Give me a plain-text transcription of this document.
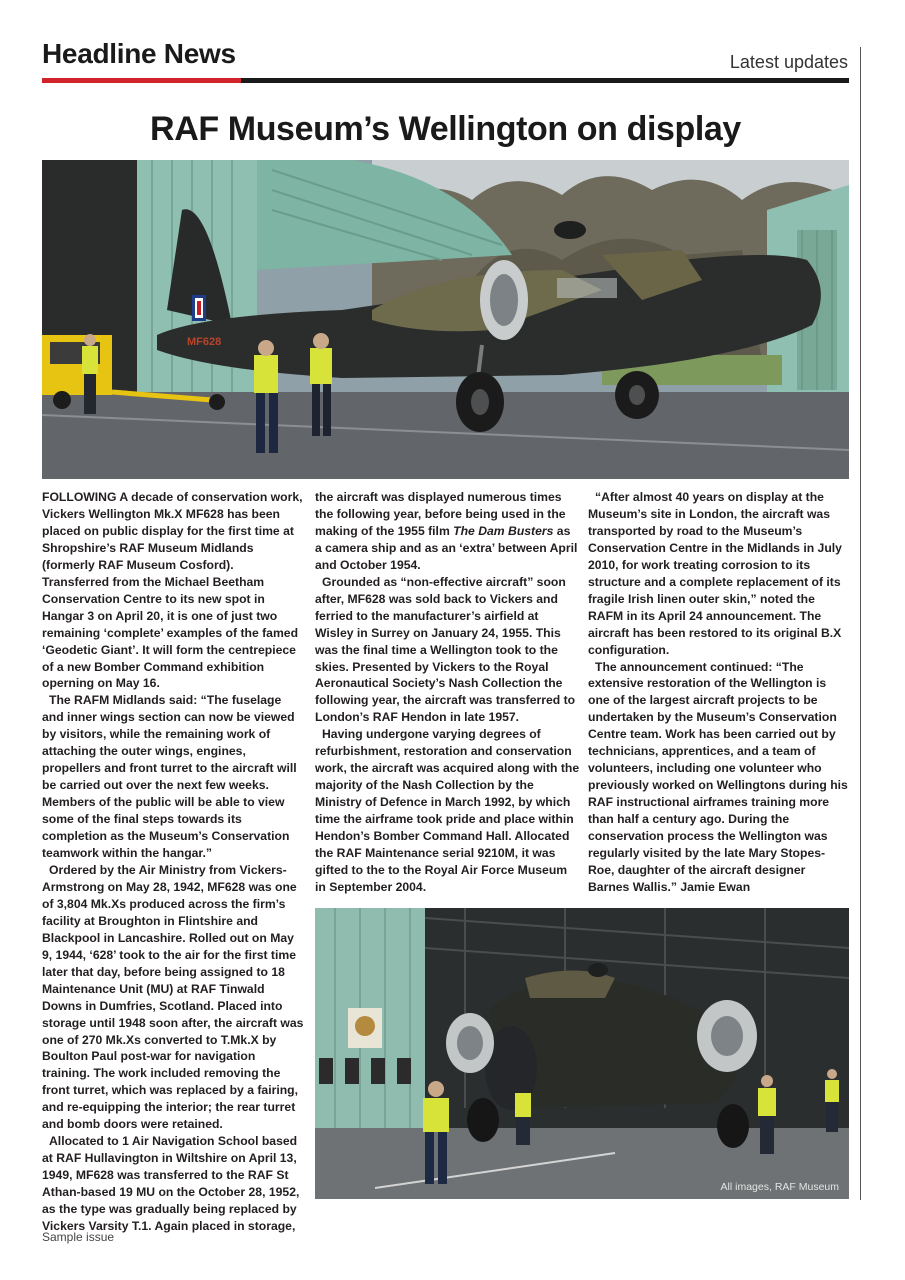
Headline News	Latest updates
RAF Museum’s Wellington on display
MF628

FOLLOWING A decade of conservation work, Vickers Wellington Mk.X MF628 has been placed on public display for the first time at Shropshire’s RAF Museum Midlands (formerly RAF Museum Cosford). Transferred from the Michael Beetham Conservation Centre to its new spot in Hangar 3 on April 20, it is one of just two remaining ‘complete’ examples of the famed ‘Geodetic Giant’. It will form the centrepiece of a new Bomber Command exhibition operning on May 16.

The RAFM Midlands said: “The fuselage and inner wings section can now be viewed by visitors, while the remaining work of attaching the outer wings, engines, propellers and front turret to the aircraft will be carried out over the next few weeks. Members of the public will be able to view some of the final steps towards its completion as the Museum’s Conservation teamwork within the hangar.”

Ordered by the Air Ministry from Vickers-Armstrong on May 28, 1942, MF628 was one of 3,804 Mk.Xs produced across the firm’s facility at Broughton in Flintshire and Blackpool in Lancashire. Rolled out on May 9, 1944, ‘628’ took to the air for the first time later that day, before being assigned to 18 Maintenance Unit (MU) at RAF Tinwald Downs in Dumfries, Scotland. Placed into storage until 1948 soon after, the aircraft was one of 270 Mk.Xs converted to T.Mk.X by Boulton Paul post-war for navigation training. The work included removing the front turret, which was replaced by a fairing, and re-equipping the interior; the rear turret and bomb doors were retained.

Allocated to 1 Air Navigation School based at RAF Hullavington in Wiltshire on April 13, 1949, MF628 was transferred to the RAF St Athan-based 19 MU on the October 28, 1952, as the type was gradually being replaced by Vickers Varsity T.1. Again placed in storage,

the aircraft was displayed numerous times the following year, before being used in the making of the 1955 film The Dam Busters as a camera ship and as an ‘extra’ between April and October 1954.

Grounded as “non-effective aircraft” soon after, MF628 was sold back to Vickers and ferried to the manufacturer’s airfield at Wisley in Surrey on January 24, 1955. This was the final time a Wellington took to the skies. Presented by Vickers to the Royal Aeronautical Society’s Nash Collection the following year, the aircraft was transferred to London’s RAF Hendon in late 1957.

Having undergone varying degrees of refurbishment, restoration and conservation work, the aircraft was acquired along with the majority of the Nash Collection by the Ministry of Defence in March 1992, by which time the airframe took pride and place within Hendon’s Bomber Command Hall. Allocated the RAF Maintenance serial 9210M, it was gifted to the to the Royal Air Force Museum in September 2004.

“After almost 40 years on display at the Museum’s site in London, the aircraft was transported by road to the Museum’s Conservation Centre in the Midlands in July 2010, for work treating corrosion to its structure and a complete replacement of its fragile Irish linen outer skin,” noted the RAFM in its April 24 announcement. The aircraft has been restored to its original B.X configuration.

The announcement continued: “The extensive restoration of the Wellington is one of the largest aircraft projects to be undertaken by the Museum’s Conservation Centre team. Work has been carried out by technicians, apprentices, and a team of volunteers, including one volunteer who previously worked on Wellingtons during his RAF instructional airframes training more than half a century ago. During the conservation process the Wellington was regularly visited by the late Mary Stopes-Roe, daughter of the aircraft designer Barnes Wallis.” Jamie Ewan

All images, RAF Museum
Sample issue
